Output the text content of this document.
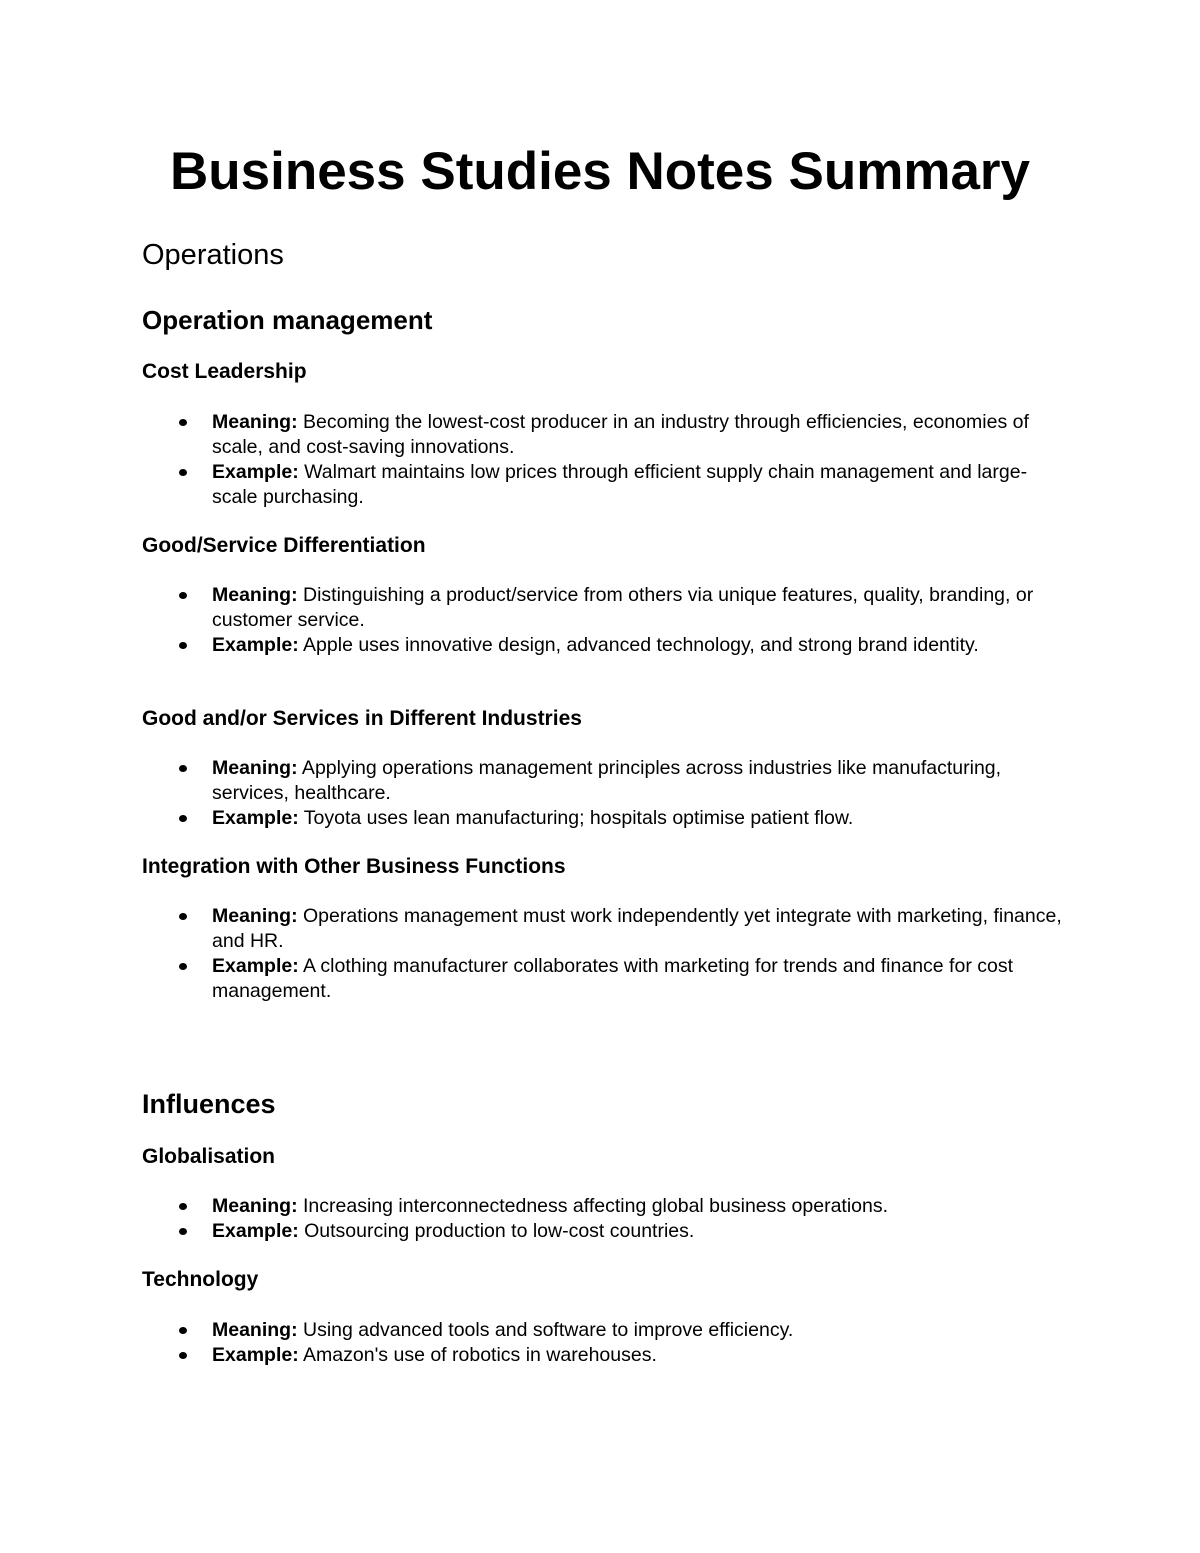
Business Studies Notes Summary
Operations
Operation management
Cost Leadership
Meaning: Becoming the lowest-cost producer in an industry through efficiencies, economies of scale, and cost-saving innovations.
Example: Walmart maintains low prices through efficient supply chain management and large-scale purchasing.
Good/Service Differentiation
Meaning: Distinguishing a product/service from others via unique features, quality, branding, or customer service.
Example: Apple uses innovative design, advanced technology, and strong brand identity.
Good and/or Services in Different Industries
Meaning: Applying operations management principles across industries like manufacturing, services, healthcare.
Example: Toyota uses lean manufacturing; hospitals optimise patient flow.
Integration with Other Business Functions
Meaning: Operations management must work independently yet integrate with marketing, finance, and HR.
Example: A clothing manufacturer collaborates with marketing for trends and finance for cost management.
Influences
Globalisation
Meaning: Increasing interconnectedness affecting global business operations.
Example: Outsourcing production to low-cost countries.
Technology
Meaning: Using advanced tools and software to improve efficiency.
Example: Amazon's use of robotics in warehouses.
